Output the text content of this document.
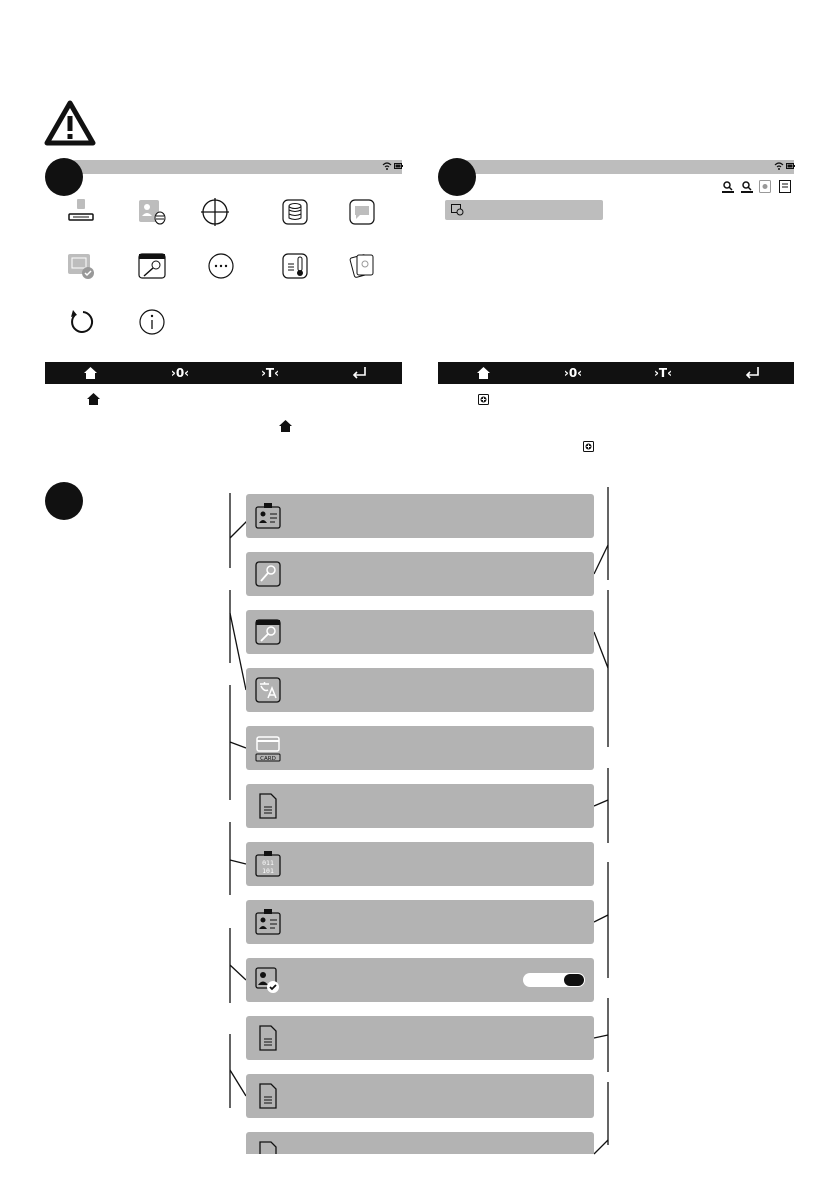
›0‹	›T‹	›0‹	›T‹
CARD
011
101
